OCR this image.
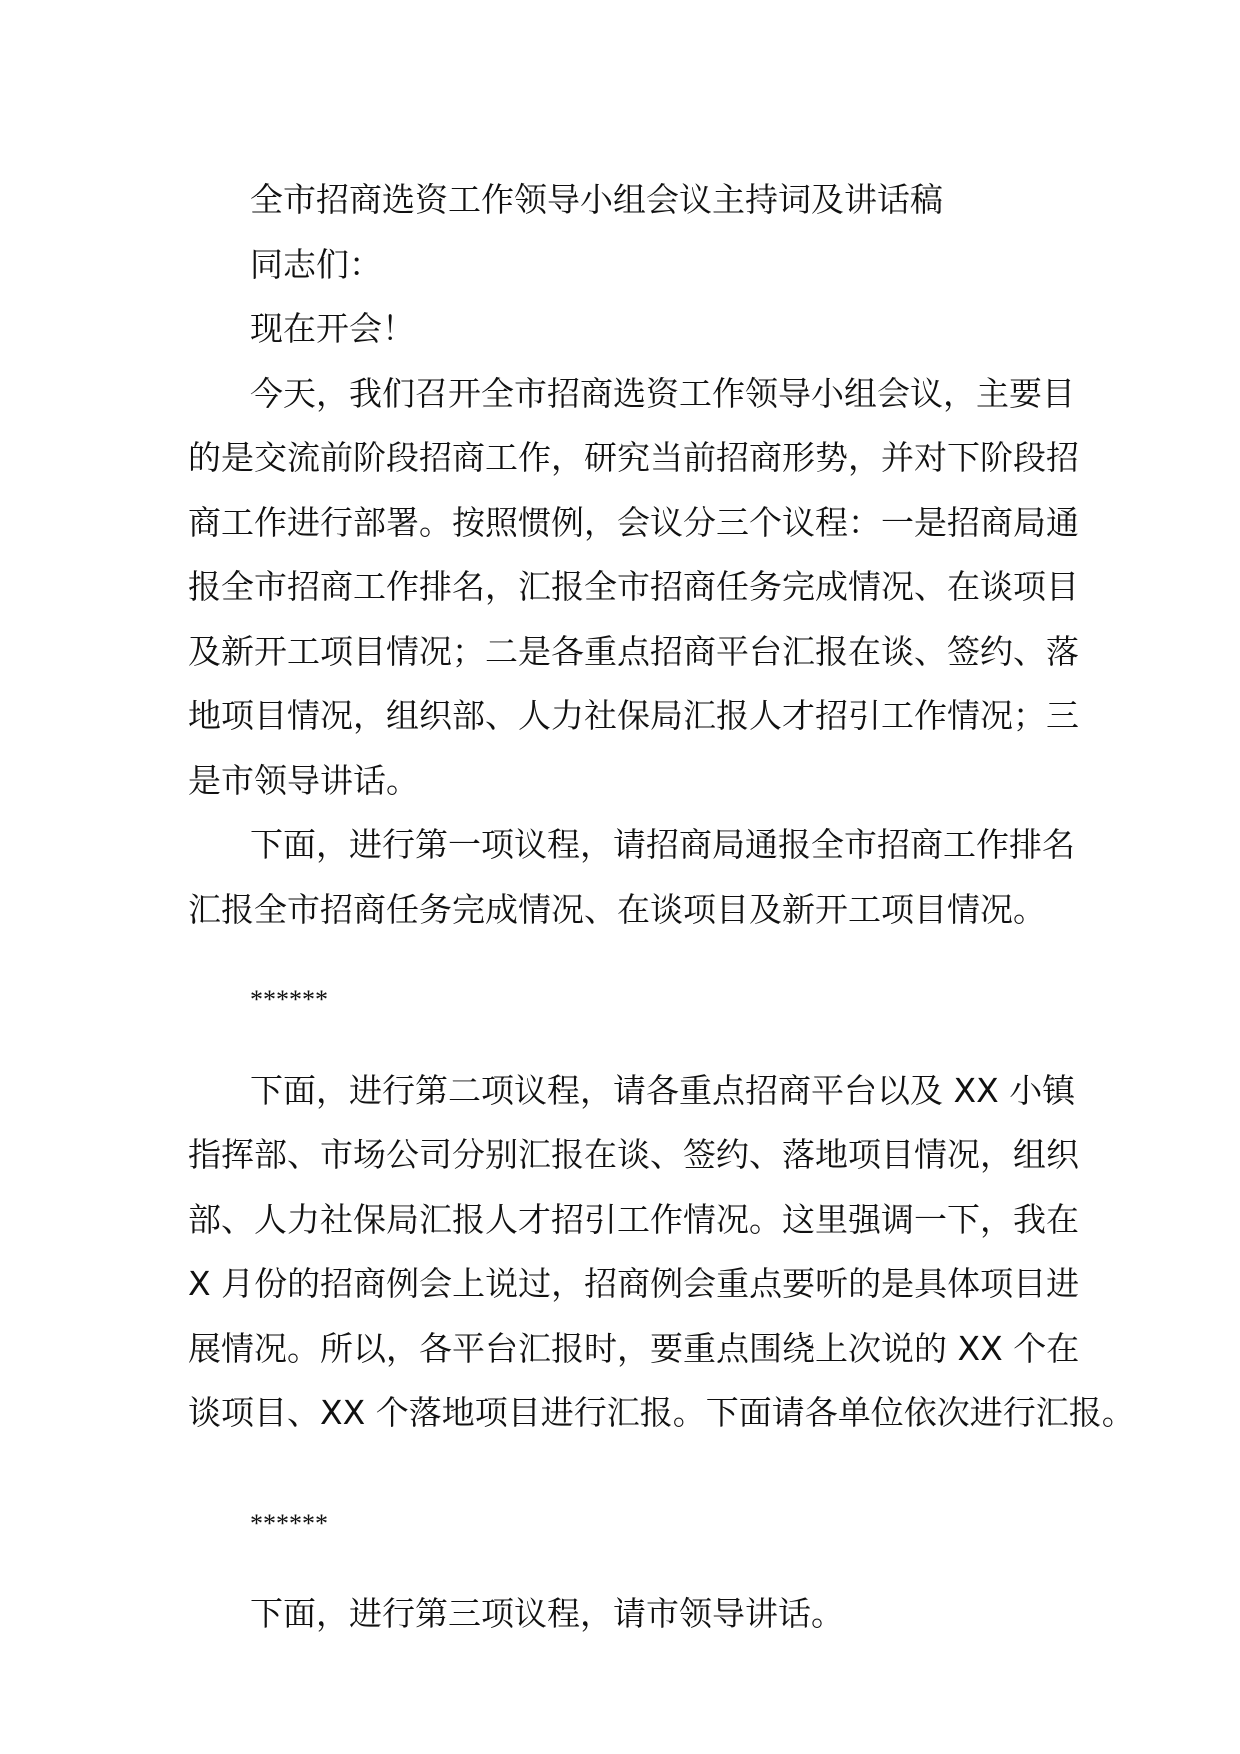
全市招商选资工作领导小组会议主持词及讲话稿

同志们：

现在开会！

今天，我们召开全市招商选资工作领导小组会议，主要目

的是交流前阶段招商工作，研究当前招商形势，并对下阶段招

商工作进行部署。按照惯例，会议分三个议程：一是招商局通

报全市招商工作排名，汇报全市招商任务完成情况、在谈项目

及新开工项目情况；二是各重点招商平台汇报在谈、签约、落

地项目情况，组织部、人力社保局汇报人才招引工作情况；三

是市领导讲话。

下面，进行第一项议程，请招商局通报全市招商工作排名

汇报全市招商任务完成情况、在谈项目及新开工项目情况。

******

下面，进行第二项议程，请各重点招商平台以及 XX 小镇

指挥部、市场公司分别汇报在谈、签约、落地项目情况，组织

部、人力社保局汇报人才招引工作情况。这里强调一下，我在

X 月份的招商例会上说过，招商例会重点要听的是具体项目进

展情况。所以，各平台汇报时，要重点围绕上次说的 XX 个在

谈项目、XX 个落地项目进行汇报。下面请各单位依次进行汇报。

******

下面，进行第三项议程，请市领导讲话。
